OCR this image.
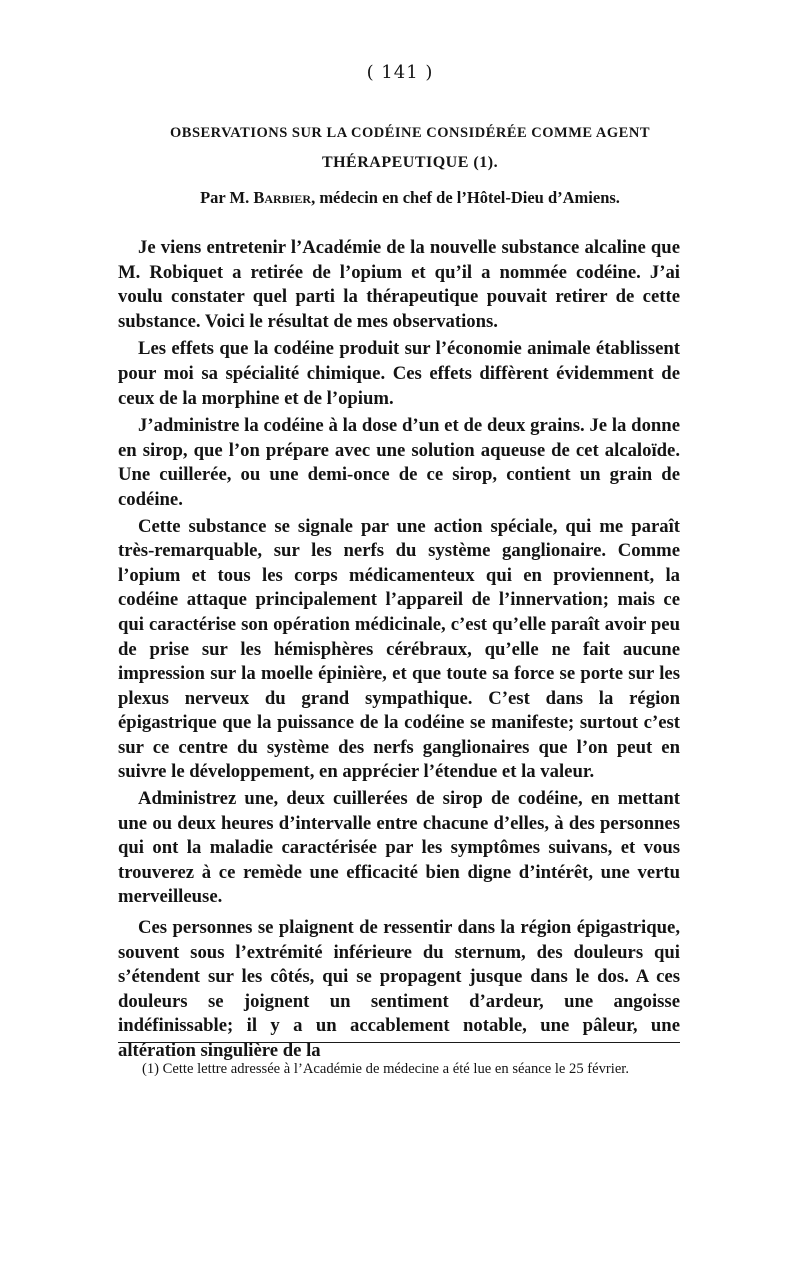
( 141 )
OBSERVATIONS SUR LA CODÉINE CONSIDÉRÉE COMME AGENT
THÉRAPEUTIQUE (1).
Par M. Barbier, médecin en chef de l’Hôtel-Dieu d’Amiens.

Je viens entretenir l’Académie de la nouvelle substance alcaline que M. Robiquet a retirée de l’opium et qu’il a nommée codéine. J’ai voulu constater quel parti la thérapeutique pouvait retirer de cette substance. Voici le résultat de mes observations.

Les effets que la codéine produit sur l’économie animale établissent pour moi sa spécialité chimique. Ces effets diffèrent évidemment de ceux de la morphine et de l’opium.

J’administre la codéine à la dose d’un et de deux grains. Je la donne en sirop, que l’on prépare avec une solution aqueuse de cet alcaloïde. Une cuillerée, ou une demi-once de ce sirop, contient un grain de codéine.

Cette substance se signale par une action spéciale, qui me paraît très-remarquable, sur les nerfs du système ganglionaire. Comme l’opium et tous les corps médicamenteux qui en proviennent, la codéine attaque principalement l’appareil de l’innervation; mais ce qui caractérise son opération médicinale, c’est qu’elle paraît avoir peu de prise sur les hémisphères cérébraux, qu’elle ne fait aucune impression sur la moelle épinière, et que toute sa force se porte sur les plexus nerveux du grand sympathique. C’est dans la région épigastrique que la puissance de la codéine se manifeste; surtout c’est sur ce centre du système des nerfs ganglionaires que l’on peut en suivre le développement, en apprécier l’étendue et la valeur.

Administrez une, deux cuillerées de sirop de codéine, en mettant une ou deux heures d’intervalle entre chacune d’elles, à des personnes qui ont la maladie caractérisée par les symptômes suivans, et vous trouverez à ce remède une efficacité bien digne d’intérêt, une vertu merveilleuse.

Ces personnes se plaignent de ressentir dans la région épigastrique, souvent sous l’extrémité inférieure du sternum, des douleurs qui s’étendent sur les côtés, qui se propagent jusque dans le dos. A ces douleurs se joignent un sentiment d’ardeur, une angoisse indéfinissable; il y a un accablement notable, une pâleur, une altération singulière de la

(1) Cette lettre adressée à l’Académie de médecine a été lue en séance le 25 février.
